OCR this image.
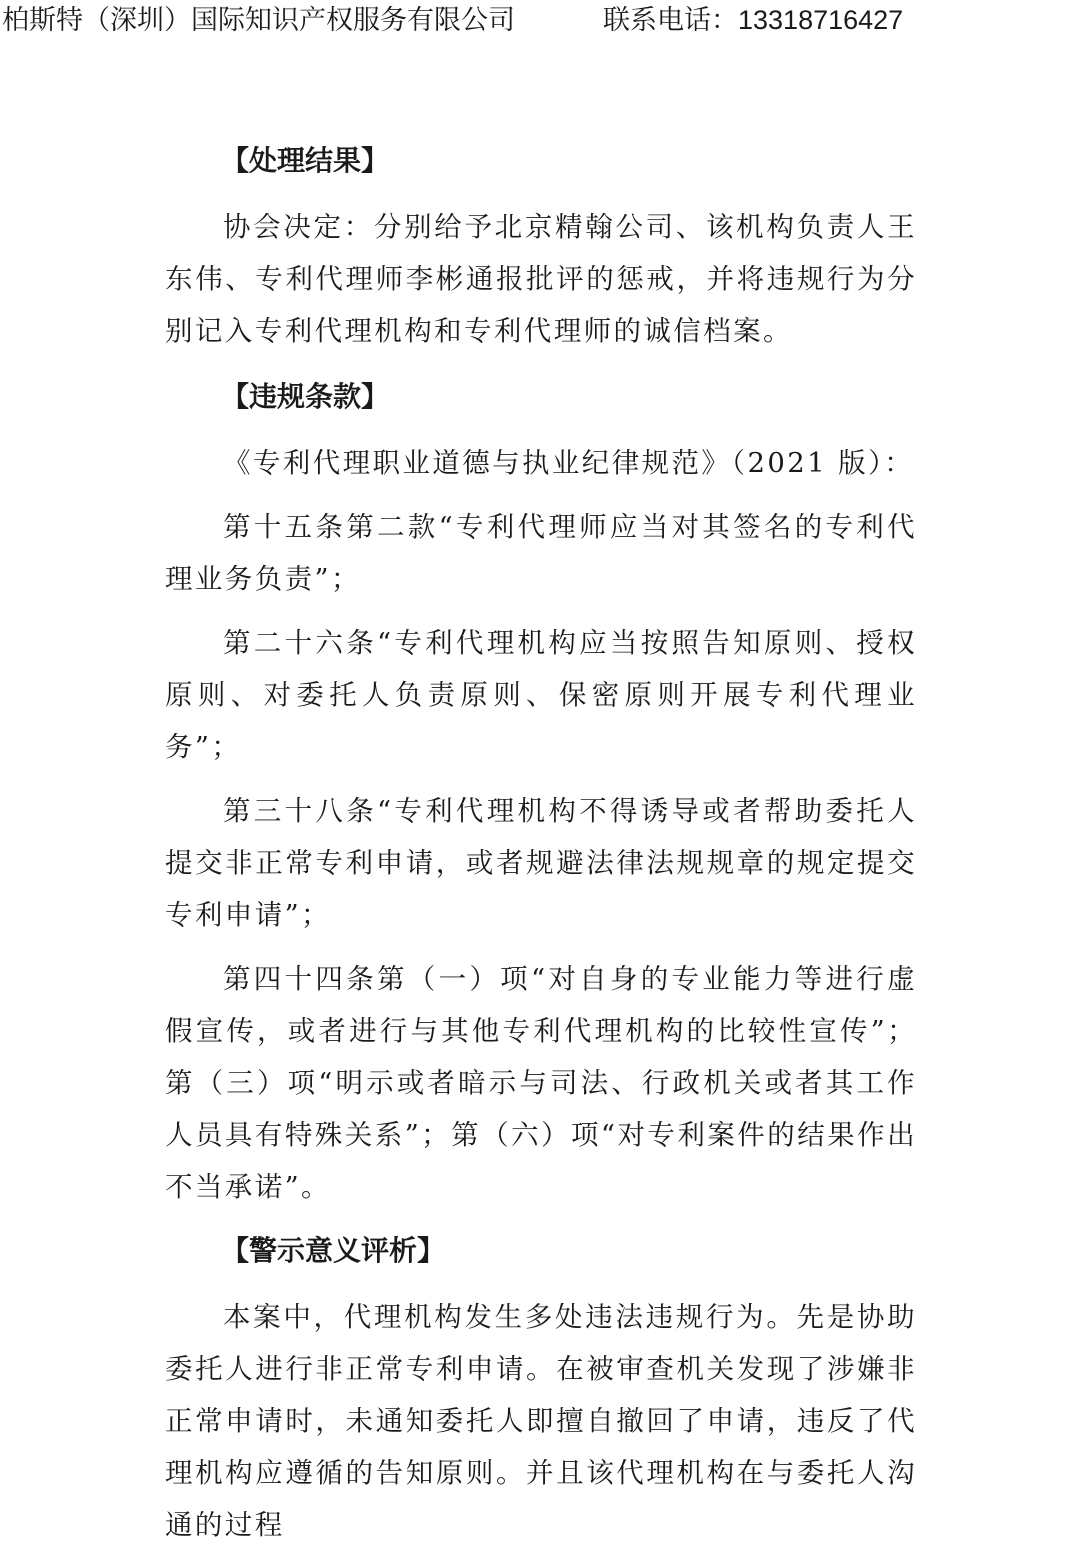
柏斯特（深圳）国际知识产权服务有限公司	联系电话：13318716427
【处理结果】

协会决定：分别给予北京精翰公司、该机构负责人王东伟、专利代理师李彬通报批评的惩戒，并将违规行为分别记入专利代理机构和专利代理师的诚信档案。

【违规条款】

《专利代理职业道德与执业纪律规范》（2021 版）：

第十五条第二款“专利代理师应当对其签名的专利代理业务负责”；

第二十六条“专利代理机构应当按照告知原则、授权原则、对委托人负责原则、保密原则开展专利代理业务”；

第三十八条“专利代理机构不得诱导或者帮助委托人提交非正常专利申请，或者规避法律法规规章的规定提交专利申请”；

第四十四条第（一）项“对自身的专业能力等进行虚假宣传，或者进行与其他专利代理机构的比较性宣传”；第（三）项“明示或者暗示与司法、行政机关或者其工作人员具有特殊关系”；第（六）项“对专利案件的结果作出不当承诺”。

【警示意义评析】

本案中，代理机构发生多处违法违规行为。先是协助委托人进行非正常专利申请。在被审查机关发现了涉嫌非正常申请时，未通知委托人即擅自撤回了申请，违反了代理机构应遵循的告知原则。并且该代理机构在与委托人沟通的过程
